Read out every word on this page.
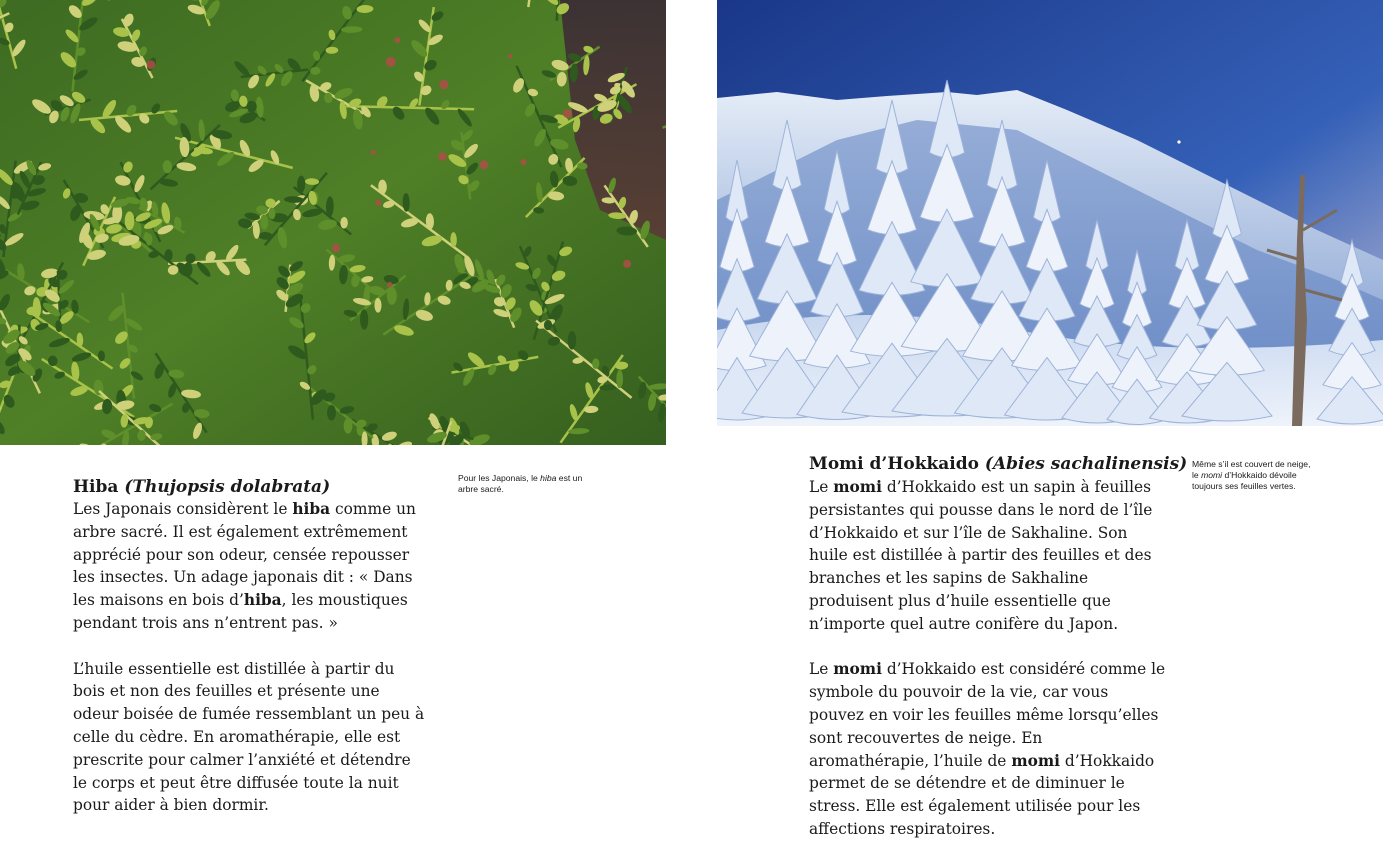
Hiba (Thujopsis dolabrata)

Les Japonais considèrent le hiba comme un arbre sacré. Il est également extrêmement apprécié pour son odeur, censée repousser les insectes. Un adage japonais dit : « Dans les maisons en bois d’hiba, les moustiques pendant trois ans n’entrent pas. »

L’huile essentielle est distillée à partir du bois et non des feuilles et présente une odeur boisée de fumée ressemblant un peu à celle du cèdre. En aromathérapie, elle est prescrite pour calmer l’anxiété et détendre le corps et peut être diffusée toute la nuit pour aider à bien dormir.

Pour les Japonais, le hiba est un arbre sacré.
Momi d’Hokkaido (Abies sachalinensis)

Le momi d’Hokkaido est un sapin à feuilles persistantes qui pousse dans le nord de l’île d’Hokkaido et sur l’île de Sakhaline. Son huile est distillée à partir des feuilles et des branches et les sapins de Sakhaline produisent plus d’huile essentielle que n’importe quel autre conifère du Japon.

Le momi d’Hokkaido est considéré comme le symbole du pouvoir de la vie, car vous pouvez en voir les feuilles même lorsqu’elles sont recouvertes de neige. En aromathérapie, l’huile de momi d’Hokkaido permet de se détendre et de diminuer le stress. Elle est également utilisée pour les affections respiratoires.

Même s’il est couvert de neige, le momi d’Hokkaido dévoile toujours ses feuilles vertes.
